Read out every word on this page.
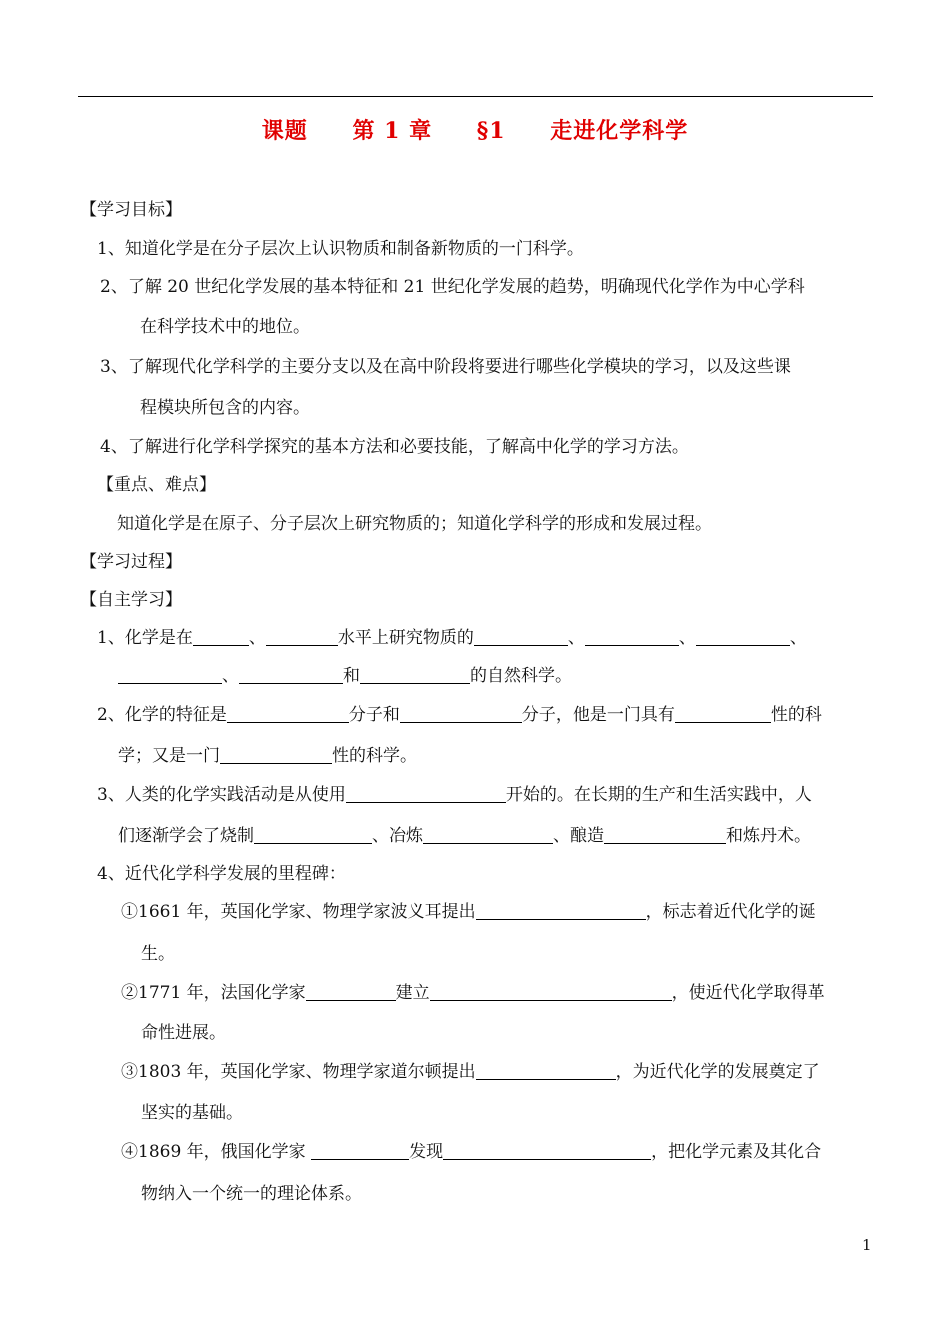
课题 第 1 章 §1 走进化学科学
【学习目标】
1、知道化学是在分子层次上认识物质和制备新物质的一门科学。
2、了解 20 世纪化学发展的基本特征和 21 世纪化学发展的趋势，明确现代化学作为中心学科
在科学技术中的地位。
3、了解现代化学科学的主要分支以及在高中阶段将要进行哪些化学模块的学习，以及这些课
程模块所包含的内容。
4、了解进行化学科学探究的基本方法和必要技能，了解高中化学的学习方法。
【重点、难点】
知道化学是在原子、分子层次上研究物质的；知道化学科学的形成和发展过程。
【学习过程】
【自主学习】
1、化学是在	、	水平上研究物质的	、	、	、
、	和	的自然科学。
2、化学的特征是	分子和	分子，他是一门具有	性的科
学；又是一门	性的科学。
3、人类的化学实践活动是从使用	开始的。在长期的生产和生活实践中，人
们逐渐学会了烧制	、冶炼	、酿造	和炼丹术。
4、近代化学科学发展的里程碑：
①1661 年，英国化学家、物理学家波义耳提出	，标志着近代化学的诞
生。
②1771 年，法国化学家	建立	，使近代化学取得革
命性进展。
③1803 年，英国化学家、物理学家道尔顿提出	，为近代化学的发展奠定了
坚实的基础。
④1869 年，俄国化学家	发现	，把化学元素及其化合
物纳入一个统一的理论体系。
1
